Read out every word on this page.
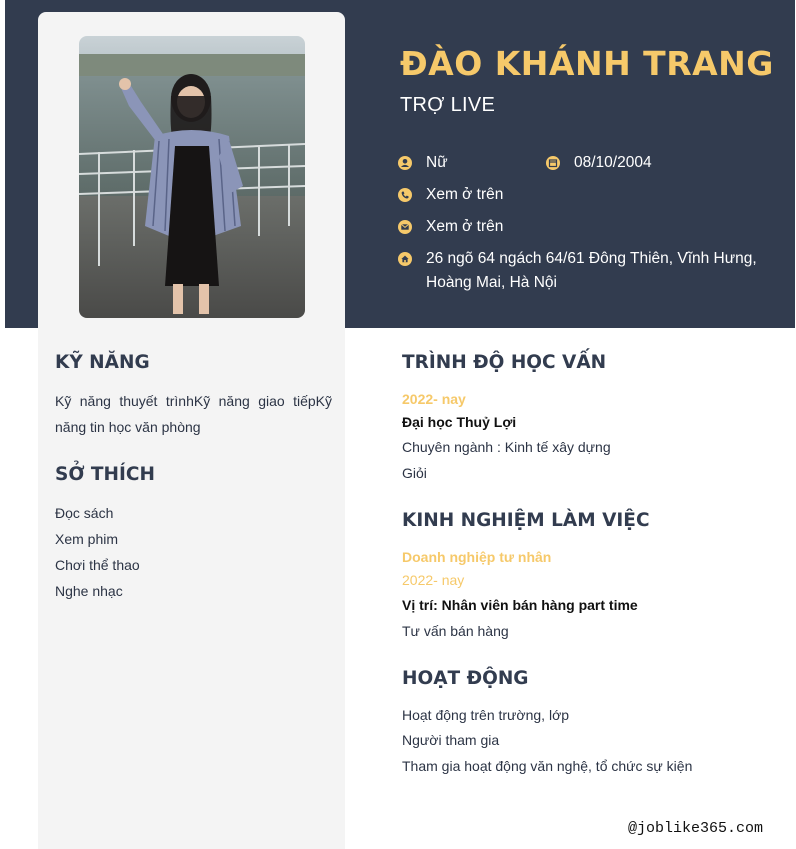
ĐÀO KHÁNH TRANG
TRỢ LIVE
Nữ	08/10/2004
Xem ở trên
Xem ở trên
26 ngõ 64 ngách 64/61 Đông Thiên, Vĩnh Hưng,
Hoàng Mai, Hà Nội
KỸ NĂNG
Kỹ năng thuyết trìnhKỹ năng giao tiếpKỹ năng tin học văn phòng
SỞ THÍCH
Đọc sách
Xem phim
Chơi thể thao
Nghe nhạc
TRÌNH ĐỘ HỌC VẤN
2022- nay
Đại học Thuỷ Lợi
Chuyên ngành : Kinh tế xây dựng
Giỏi
KINH NGHIỆM LÀM VIỆC
Doanh nghiệp tư nhân
2022- nay
Vị trí: Nhân viên bán hàng part time
Tư vấn bán hàng
HOẠT ĐỘNG
Hoạt động trên trường, lớp
Người tham gia
Tham gia hoạt động văn nghệ, tổ chức sự kiện
@joblike365.com
